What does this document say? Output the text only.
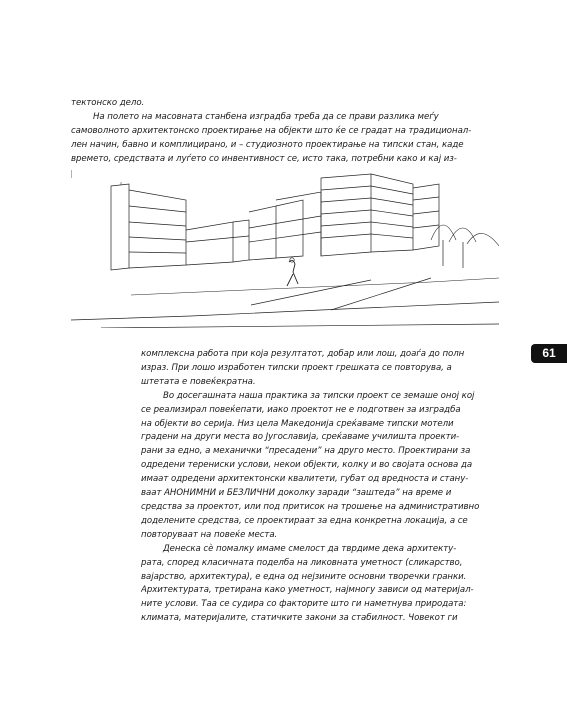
тектонско дело.
На полето на масовната станбена изградба треба да се прави разлика меѓу
самоволното архитектонско проектирање на објекти што ќе се градат на традиционал-
лен начин, бавно и комплицирано, и – студиозното проектирање на типски стан, каде
времето, средствата и луѓето со инвентивност се, исто така, потребни како и кај из-

61

комплексна работа при која резултатот, добар или лош, доаѓа до полн
израз. При лошо изработен типски проект грешката се повторува, а
штетата е повеќекратна.

Во досегашната наша практика за типски проект се земаше оној кој
се реализирал повеќепати, иако проектот не е подготвен за изградба
на објекти во серија. Низ цела Македонија среќаваме типски мотели
градени на други места во Југославија, среќаваме училишта проекти-
рани за едно, а механички “пресадени” на друго место. Проектирани за
одредени терениски услови, некои објекти, колку и во својата основа да
имаат одредени архитектонски квалитети, губат од вредноста и стану-
ваат АНОНИМНИ и БЕЗЛИЧНИ доколку заради “заштеда” на време и
средства за проектот, или под притисок на трошење на административно
доделените средства, се проектираат за една конкретна локација, а се
повторуваат на повеќе места.

Денеска сѐ помалку имаме смелост да тврдиме дека архитекту-
рата, според класичната поделба на ликовната уметност (сликарство,
вајарство, архитектура), е една од нејзините основни творечки гранки.
Архитектурата, третирана како уметност, најмногу зависи од материјал-
ните услови. Таа се судира со факторите што ги наметнува природата:
климата, материјалите, статичките закони за стабилност. Човекот ги
